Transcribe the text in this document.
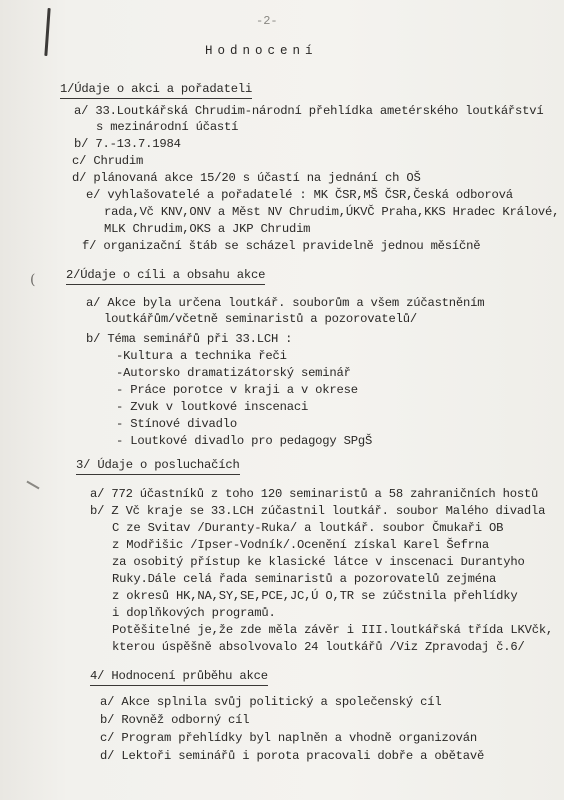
(
-2-
Hodnocení
1/Údaje o akci a pořadateli
a/ 33.Loutkářská Chrudim-národní přehlídka ametérského loutkářství
s mezinárodní účastí
b/ 7.-13.7.1984
c/ Chrudim
d/ plánovaná akce 15/20 s účastí na jednání ch OŠ
e/ vyhlašovatelé a pořadatelé : MK ČSR,MŠ ČSR,Česká odborová
rada,Vč KNV,ONV a Měst NV Chrudim,ÚKVČ Praha,KKS Hradec Králové,
MLK Chrudim,OKS a JKP Chrudim
f/ organizační štáb se scházel pravidelně jednou měsíčně
2/Údaje o cíli a obsahu akce
a/ Akce byla určena loutkář. souborům a všem zúčastněním
loutkářům/včetně seminaristů a pozorovatelů/
b/ Téma seminářů při 33.LCH :
-Kultura a technika řeči
-Autorsko dramatizátorský seminář
- Práce porotce v kraji a v okrese
- Zvuk v loutkové inscenaci
- Stínové divadlo
- Loutkové divadlo pro pedagogy SPgŠ
3/ Údaje o posluchačích
a/ 772 účastníků z toho 120 seminaristů a 58 zahraničních hostů
b/ Z Vč kraje se 33.LCH zúčastnil loutkář. soubor Malého divadla
C ze Svitav /Duranty-Ruka/ a loutkář. soubor Čmukaři OB
z Modřišic /Ipser-Vodník/.Ocenění získal Karel Šefrna
za osobitý přístup ke klasické látce v inscenaci Durantyho
Ruky.Dále celá řada seminaristů a pozorovatelů zejména
z okresů HK,NA,SY,SE,PCE,JC,Ú O,TR se zúčstnila přehlídky
i doplňkových programů.
Potěšitelné je,že zde měla závěr i III.loutkářská třída LKVčk,
kterou úspěšně absolvovalo 24 loutkářů /Viz Zpravodaj č.6/
4/ Hodnocení průběhu akce
a/ Akce splnila svůj politický a společenský cíl
b/ Rovněž odborný cíl
c/ Program přehlídky byl naplněn a vhodně organizován
d/ Lektoři seminářů i porota pracovali dobře a obětavě
